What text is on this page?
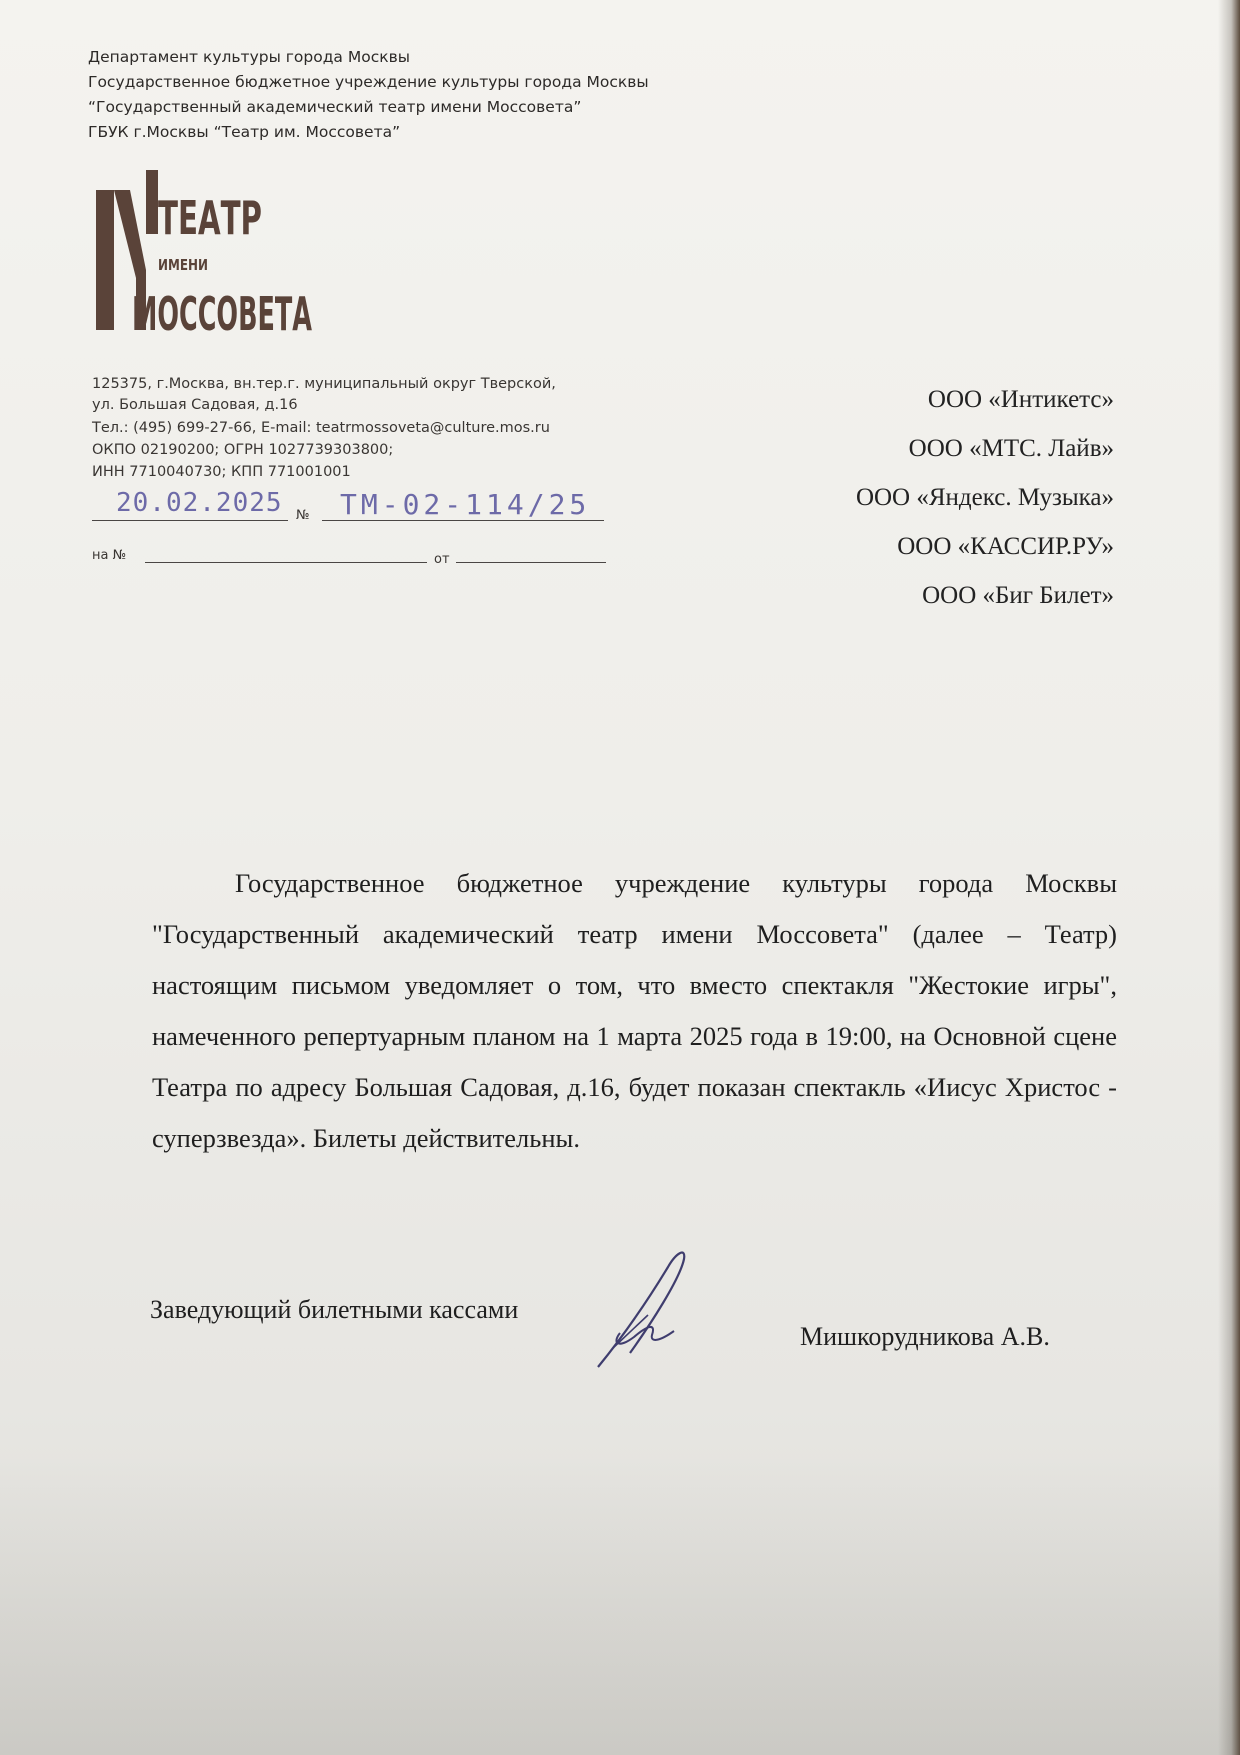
Департамент культуры города Москвы
Государственное бюджетное учреждение культуры города Москвы
“Государственный академический театр имени Моссовета”
ГБУК г.Москвы “Театр им. Моссовета”
ТЕАТР
ИМЕНИ
МОССОВЕТА
125375, г.Москва, вн.тер.г. муниципальный округ Тверской,
ул. Большая Садовая, д.16
Тел.: (495) 699-27-66, E-mail: teatrmossoveta@culture.mos.ru
ОКПО 02190200; ОГРН 1027739303800;
ИНН 7710040730; КПП 771001001
20.02.2025 № ТМ-02-114/25
на №	от
ООО «Интикетс»
ООО «МТС. Лайв»
ООО «Яндекс. Музыка»
ООО «КАССИР.РУ»
ООО «Биг Билет»
Государственное бюджетное учреждение культуры города Москвы "Государственный академический театр имени Моссовета" (далее – Театр) настоящим письмом уведомляет о том, что вместо спектакля "Жестокие игры", намеченного репертуарным планом на 1 марта 2025 года в 19:00, на Основной сцене Театра по адресу Большая Садовая, д.16, будет показан спектакль «Иисус Христос - суперзвезда». Билеты действительны.
Заведующий билетными кассами
Мишкорудникова А.В.
